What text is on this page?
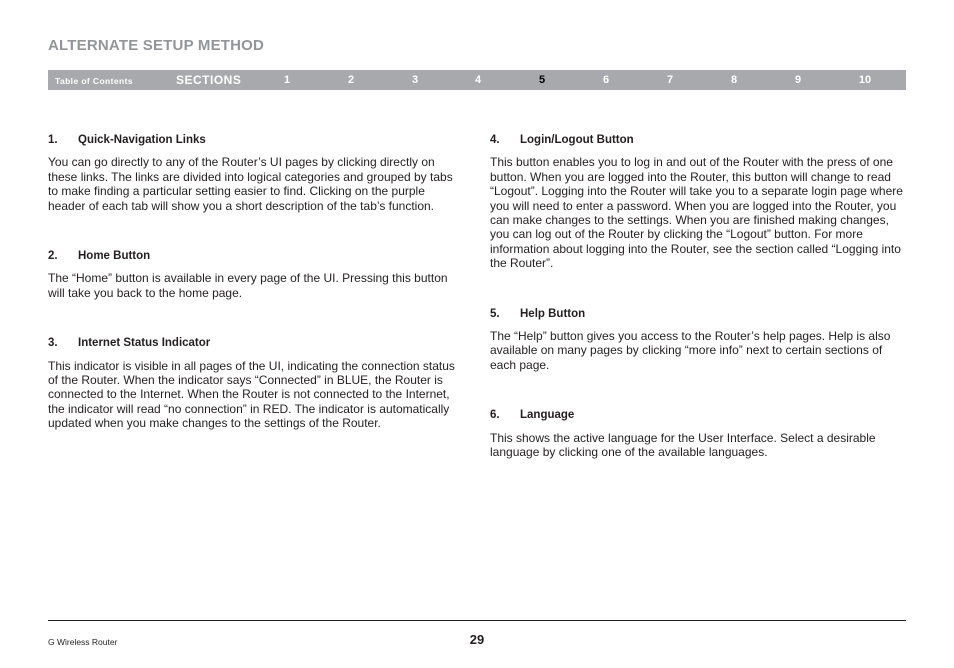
ALTERNATE SETUP METHOD
Table of Contents	SECTIONS	1	2	3	4	5	6	7	8	9	10
1.	Quick-Navigation Links

You can go directly to any of the Router’s UI pages by clicking directly on these links. The links are divided into logical categories and grouped by tabs to make finding a particular setting easier to find. Clicking on the purple header of each tab will show you a short description of the tab’s function.

2.	Home Button

The “Home” button is available in every page of the UI. Pressing this button will take you back to the home page.

3.	Internet Status Indicator

This indicator is visible in all pages of the UI, indicating the connection status of the Router. When the indicator says “Connected” in BLUE, the Router is connected to the Internet. When the Router is not connected to the Internet, the indicator will read “no connection” in RED. The indicator is automatically updated when you make changes to the settings of the Router.

4.	Login/Logout Button

This button enables you to log in and out of the Router with the press of one button. When you are logged into the Router, this button will change to read “Logout”. Logging into the Router will take you to a separate login page where you will need to enter a password. When you are logged into the Router, you can make changes to the settings. When you are finished making changes, you can log out of the Router by clicking the “Logout” button. For more information about logging into the Router, see the section called “Logging into the Router”.

5.	Help Button

The “Help” button gives you access to the Router’s help pages. Help is also available on many pages by clicking “more info” next to certain sections of each page.

6.	Language

This shows the active language for the User Interface. Select a desirable language by clicking one of the available languages.

G Wireless Router	29
